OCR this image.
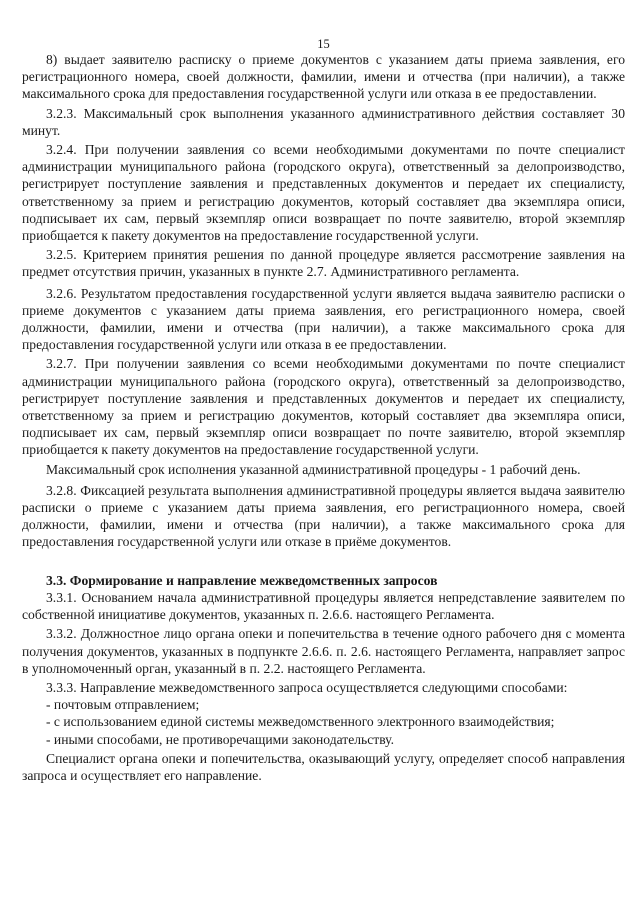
15

8) выдает заявителю расписку о приеме документов с указанием даты приема заявления, его регистрационного номера, своей должности, фамилии, имени и отчества (при наличии), а также максимального срока для предоставления государственной услуги или отказа в ее предоставлении.

3.2.3. Максимальный срок выполнения указанного административного действия составляет 30 минут.

3.2.4. При получении заявления со всеми необходимыми документами по почте специалист администрации муниципального района (городского округа), ответственный за делопроизводство, регистрирует поступление заявления и представленных документов и передает их специалисту, ответственному за прием и регистрацию документов, который составляет два экземпляра описи, подписывает их сам, первый экземпляр описи возвращает по почте заявителю, второй экземпляр приобщается к пакету документов на предоставление государственной услуги.

3.2.5. Критерием принятия решения по данной процедуре является рассмотрение заявления на предмет отсутствия причин, указанных в пункте 2.7. Административного регламента.

3.2.6. Результатом предоставления государственной услуги является выдача заявителю расписки о приеме документов с указанием даты приема заявления, его регистрационного номера, своей должности, фамилии, имени и отчества (при наличии), а также максимального срока для предоставления государственной услуги или отказа в ее предоставлении.

3.2.7. При получении заявления со всеми необходимыми документами по почте специалист администрации муниципального района (городского округа), ответственный за делопроизводство, регистрирует поступление заявления и представленных документов и передает их специалисту, ответственному за прием и регистрацию документов, который составляет два экземпляра описи, подписывает их сам, первый экземпляр описи возвращает по почте заявителю, второй экземпляр приобщается к пакету документов на предоставление государственной услуги.

Максимальный срок исполнения указанной административной процедуры - 1 рабочий день.

3.2.8. Фиксацией результата выполнения административной процедуры является выдача заявителю расписки о приеме с указанием даты приема заявления, его регистрационного номера, своей должности, фамилии, имени и отчества (при наличии), а также максимального срока для предоставления государственной услуги или отказе в приёме документов.

3.3. Формирование и направление межведомственных запросов

3.3.1. Основанием начала административной процедуры является непредставление заявителем по собственной инициативе документов, указанных п. 2.6.6. настоящего Регламента.

3.3.2. Должностное лицо органа опеки и попечительства в течение одного рабочего дня с момента получения документов, указанных в подпункте 2.6.6. п. 2.6. настоящего Регламента, направляет запрос в уполномоченный орган, указанный в п. 2.2. настоящего Регламента.

3.3.3. Направление межведомственного запроса осуществляется следующими способами:

- почтовым отправлением;

- с использованием единой системы межведомственного электронного взаимодействия;

- иными способами, не противоречащими законодательству.

Специалист органа опеки и попечительства, оказывающий услугу, определяет способ направления запроса и осуществляет его направление.
